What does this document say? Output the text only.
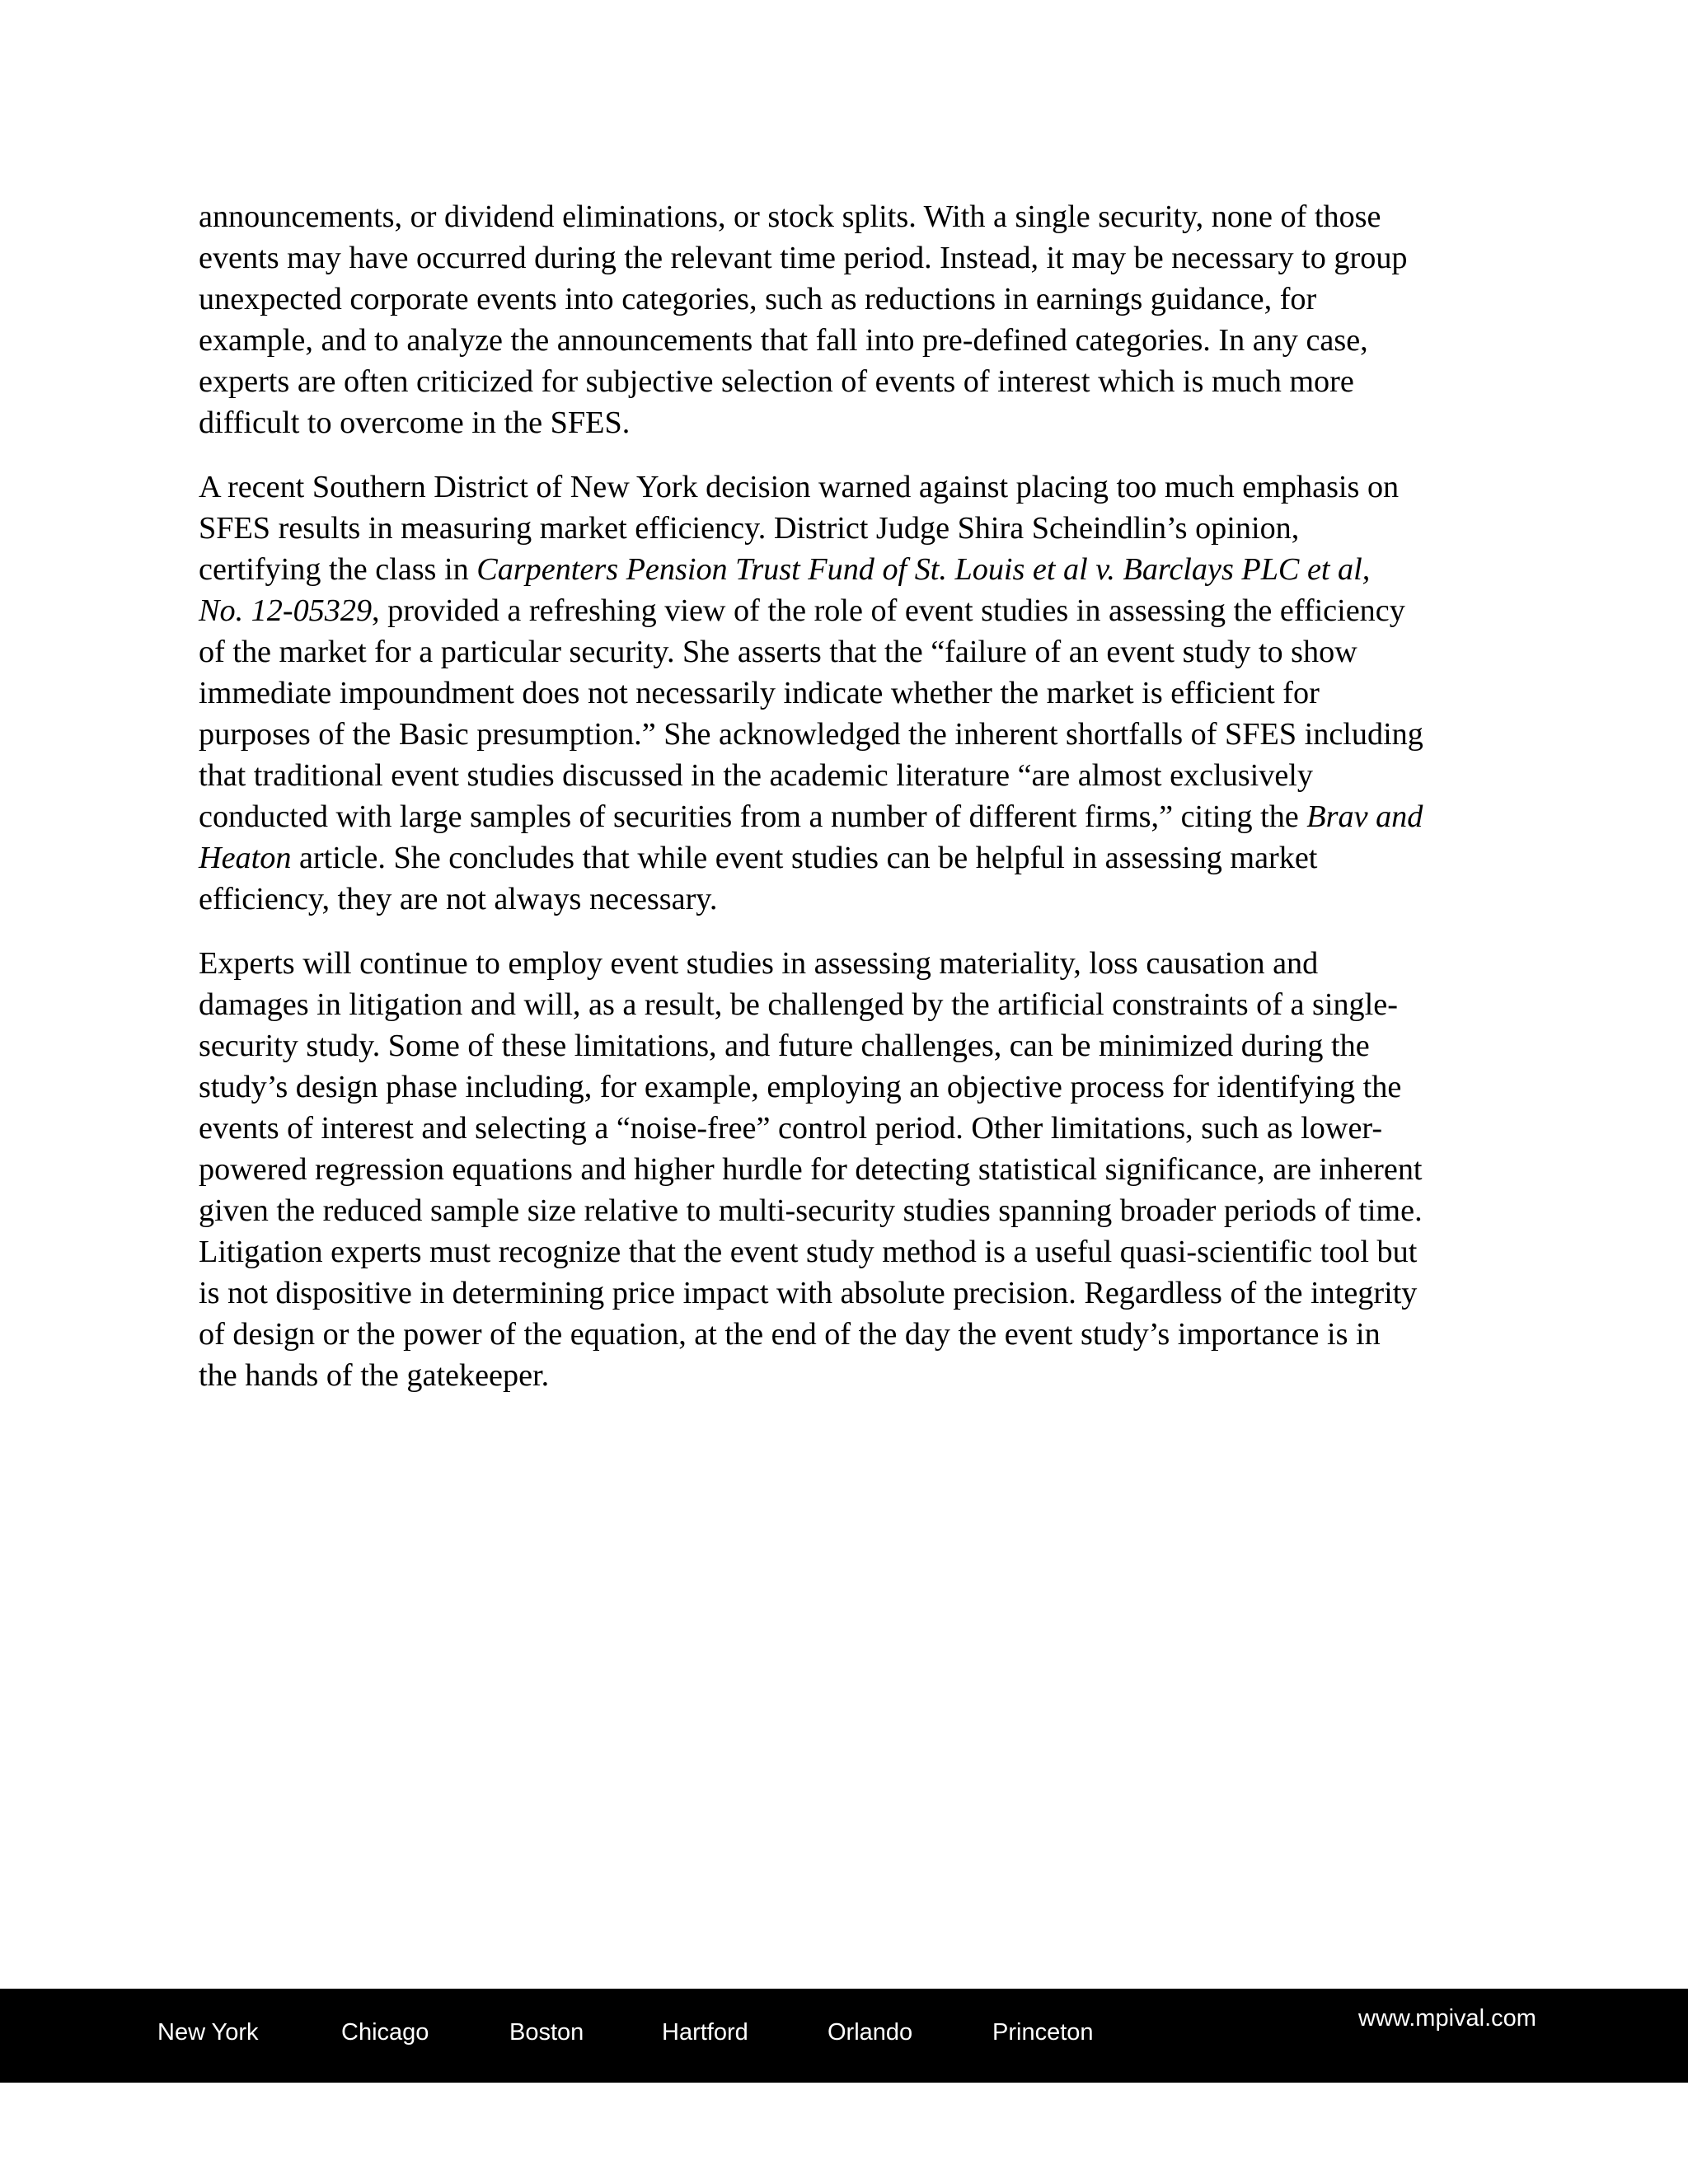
announcements, or dividend eliminations, or stock splits. With a single security, none of those
events may have occurred during the relevant time period. Instead, it may be necessary to group
unexpected corporate events into categories, such as reductions in earnings guidance, for
example, and to analyze the announcements that fall into pre-defined categories. In any case,
experts are often criticized for subjective selection of events of interest which is much more
difficult to overcome in the SFES.

A recent Southern District of New York decision warned against placing too much emphasis on
SFES results in measuring market efficiency. District Judge Shira Scheindlin’s opinion,
certifying the class in Carpenters Pension Trust Fund of St. Louis et al v. Barclays PLC et al,
No. 12-05329, provided a refreshing view of the role of event studies in assessing the efficiency
of the market for a particular security. She asserts that the “failure of an event study to show
immediate impoundment does not necessarily indicate whether the market is efficient for
purposes of the Basic presumption.” She acknowledged the inherent shortfalls of SFES including
that traditional event studies discussed in the academic literature “are almost exclusively
conducted with large samples of securities from a number of different firms,” citing the Brav and
Heaton article. She concludes that while event studies can be helpful in assessing market
efficiency, they are not always necessary.

Experts will continue to employ event studies in assessing materiality, loss causation and
damages in litigation and will, as a result, be challenged by the artificial constraints of a single-
security study. Some of these limitations, and future challenges, can be minimized during the
study’s design phase including, for example, employing an objective process for identifying the
events of interest and selecting a “noise-free” control period. Other limitations, such as lower-
powered regression equations and higher hurdle for detecting statistical significance, are inherent
given the reduced sample size relative to multi-security studies spanning broader periods of time.
Litigation experts must recognize that the event study method is a useful quasi-scientific tool but
is not dispositive in determining price impact with absolute precision. Regardless of the integrity
of design or the power of the equation, at the end of the day the event study’s importance is in
the hands of the gatekeeper.

New York	Chicago	Boston	Hartford	Orlando	Princeton
www.mpival.com
